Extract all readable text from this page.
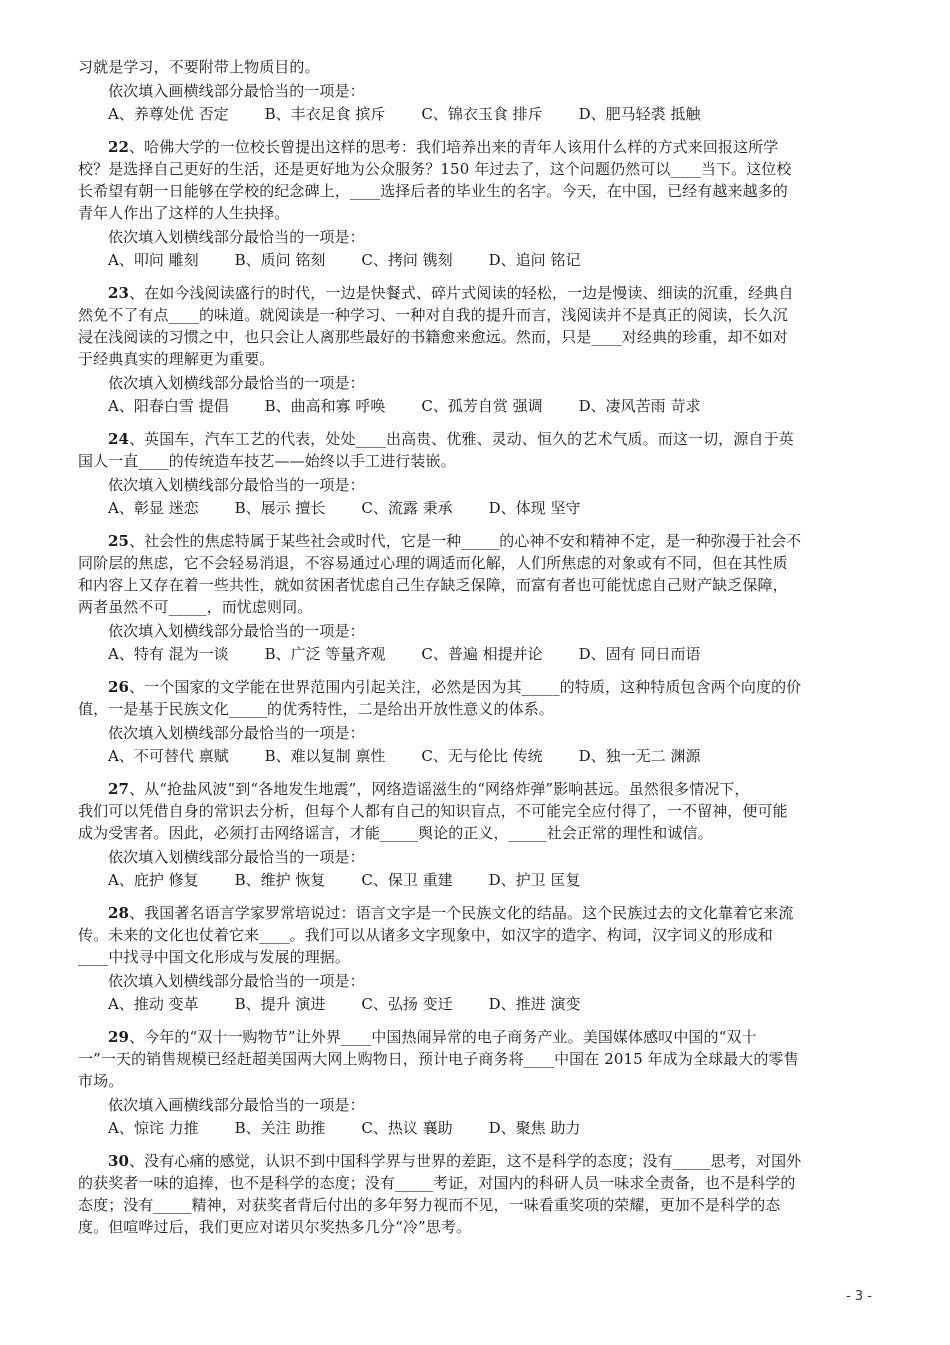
习就是学习，不要附带上物质目的。
依次填入画横线部分最恰当的一项是：
A、养尊处优 否定 B、丰衣足食 摈斥 C、锦衣玉食 排斥 D、肥马轻裘 抵触
22、哈佛大学的一位校长曾提出这样的思考：我们培养出来的青年人该用什么样的方式来回报这所学
校？是选择自己更好的生活，还是更好地为公众服务？150 年过去了，这个问题仍然可以____当下。这位校
长希望有朝一日能够在学校的纪念碑上，____选择后者的毕业生的名字。今天，在中国，已经有越来越多的
青年人作出了这样的人生抉择。
依次填入划横线部分最恰当的一项是：
A、叩问 雕刻 B、质问 铭刻 C、拷问 镌刻 D、追问 铭记
23、在如今浅阅读盛行的时代，一边是快餐式、碎片式阅读的轻松，一边是慢读、细读的沉重，经典自
然免不了有点____的味道。就阅读是一种学习、一种对自我的提升而言，浅阅读并不是真正的阅读，长久沉
浸在浅阅读的习惯之中，也只会让人离那些最好的书籍愈来愈远。然而，只是____对经典的珍重，却不如对
于经典真实的理解更为重要。
依次填入划横线部分最恰当的一项是：
A、阳春白雪 提倡 B、曲高和寡 呼唤 C、孤芳自赏 强调 D、凄风苦雨 苛求
24、英国车，汽车工艺的代表，处处____出高贵、优雅、灵动、恒久的艺术气质。而这一切，源自于英
国人一直____的传统造车技艺——始终以手工进行装嵌。
依次填入划横线部分最恰当的一项是：
A、彰显 迷恋 B、展示 擅长 C、流露 秉承 D、体现 坚守
25、社会性的焦虑特属于某些社会或时代，它是一种_____的心神不安和精神不定，是一种弥漫于社会不
同阶层的焦虑，它不会轻易消退，不容易通过心理的调适而化解，人们所焦虑的对象或有不同，但在其性质
和内容上又存在着一些共性，就如贫困者忧虑自己生存缺乏保障，而富有者也可能忧虑自己财产缺乏保障，
两者虽然不可_____，而忧虑则同。
依次填入划横线部分最恰当的一项是：
A、特有 混为一谈 B、广泛 等量齐观 C、普遍 相提并论 D、固有 同日而语
26、一个国家的文学能在世界范围内引起关注，必然是因为其_____的特质，这种特质包含两个向度的价
值，一是基于民族文化_____的优秀特性，二是给出开放性意义的体系。
依次填入划横线部分最恰当的一项是：
A、不可替代 禀赋 B、难以复制 禀性 C、无与伦比 传统 D、独一无二 渊源
27、从“抢盐风波”到“各地发生地震”，网络造谣滋生的“网络炸弹”影响甚远。虽然很多情况下，
我们可以凭借自身的常识去分析，但每个人都有自己的知识盲点，不可能完全应付得了，一不留神，便可能
成为受害者。因此，必须打击网络谣言，才能_____舆论的正义，_____社会正常的理性和诚信。
依次填入划横线部分最恰当的一项是：
A、庇护 修复 B、维护 恢复 C、保卫 重建 D、护卫 匡复
28、我国著名语言学家罗常培说过：语言文字是一个民族文化的结晶。这个民族过去的文化靠着它来流
传。未来的文化也仗着它来____。我们可以从诸多文字现象中，如汉字的造字、构词，汉字词义的形成和
____中找寻中国文化形成与发展的理据。
依次填入划横线部分最恰当的一项是：
A、推动 变革 B、提升 演进 C、弘扬 变迁 D、推进 演变
29、今年的“双十一购物节”让外界____中国热闹异常的电子商务产业。美国媒体感叹中国的“双十
一”一天的销售规模已经赶超美国两大网上购物日，预计电子商务将____中国在 2015 年成为全球最大的零售
市场。
依次填入画横线部分最恰当的一项是：
A、惊诧 力推 B、关注 助推 C、热议 襄助 D、聚焦 助力
30、没有心痛的感觉，认识不到中国科学界与世界的差距，这不是科学的态度；没有_____思考，对国外
的获奖者一味的追捧，也不是科学的态度；没有_____考证，对国内的科研人员一味求全责备，也不是科学的
态度；没有_____精神，对获奖者背后付出的多年努力视而不见，一味看重奖项的荣耀，更加不是科学的态
度。但喧哗过后，我们更应对诺贝尔奖热多几分“冷”思考。
- 3 -
